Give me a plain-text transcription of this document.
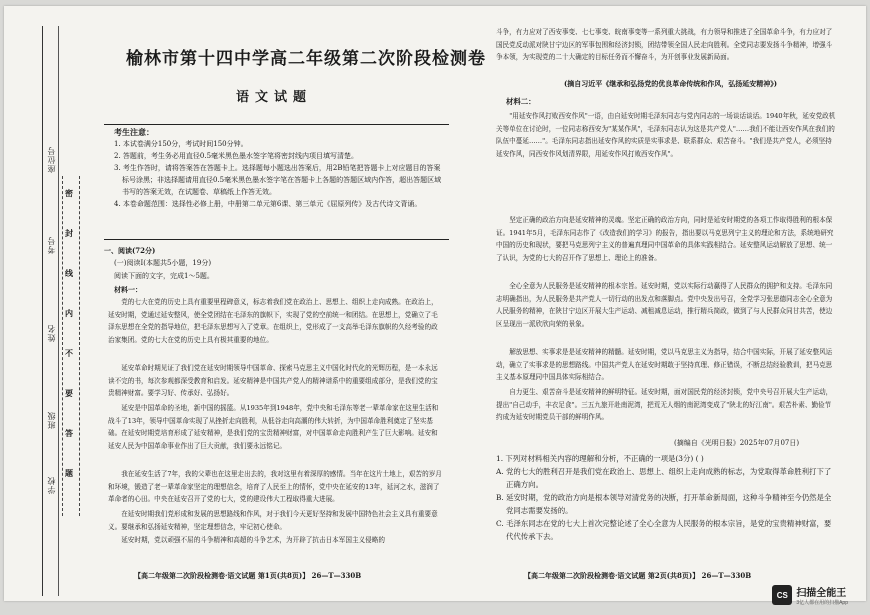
座位号
考号
姓名
班级
学校
密
封
线
内
不
要
答
题
榆林市第十四中学高二年级第二次阶段检测卷
语文试题

考生注意：

1. 本试卷满分150分，考试时间150分钟。

2. 答题前，考生务必用直径0.5毫米黑色墨水签字笔将密封线内项目填写清楚。

3. 考生作答时，请将答案答在答题卡上。选择题每小题选出答案后，用2B铅笔把答题卡上对应题目的答案标号涂黑；非选择题请用直径0.5毫米黑色墨水签字笔在答题卡上各题的答题区域内作答，超出答题区域书写的答案无效，在试题卷、草稿纸上作答无效。

4. 本卷命题范围：选择性必修上册，中册第二单元第6课、第三单元《屈原列传》及古代诗文背诵。

一、阅读(72分)
(一)阅读Ⅰ(本题共5小题，19分)
阅读下面的文字，完成1～5题。
材料一：
党的七大在党的历史上具有重要里程碑意义，标志着我们党在政治上、思想上、组织上走向成熟。在政治上，延安时期，党通过延安整风，使全党团结在毛泽东的旗帜下，实现了党的空前统一和团结。在思想上，党确立了毛泽东思想在全党的指导地位，把毛泽东思想写入了党章。在组织上，党形成了一支高举毛泽东旗帜的久经考验的政治家集团。党的七大在党的历史上具有极其重要的地位。
延安革命时期见证了我们党在延安时期领导中国革命、探索马克思主义中国化时代化的光辉历程，是一本永远读不完的书，每次参观都深受教育和启发。延安精神是中国共产党人的精神谱系中的重要组成部分，是我们党的宝贵精神财富。要学习好、传承好、弘扬好。
延安是中国革命的圣地，新中国的摇篮。从1935年到1948年，党中央和毛泽东等老一辈革命家在这里生活和战斗了13年，领导中国革命实现了从挫折走向胜利，从低谷走向高潮的伟大转折，为中国革命胜利奠定了坚实基础。在延安时期党培育形成了延安精神，是我们党的宝贵精神财富，对中国革命走向胜利产生了巨大影响。延安和延安人民为中国革命事业作出了巨大贡献，我们要永远铭记。
我在延安生活了7年，我的父辈也在这里走出去的，我对这里有着深厚的感情。当年在这片土地上，艰苦的岁月和环境，锻造了老一辈革命家坚定的理想信念，培育了人民至上的情怀，党中央在延安的13年，延河之水，滋润了革命者的心田。中央在延安召开了党的七大，党的建设伟大工程取得重大进展。
在延安时期我们党形成和发展的思想路线和作风，对于我们今天更好坚持和发展中国特色社会主义具有重要意义。要继承和弘扬延安精神，坚定理想信念，牢记初心使命。
延安时期，党以顽强不屈的斗争精神和高超的斗争艺术，为开辟了抗击日本军国主义侵略的
【高二年级第二次阶段检测卷·语文试题 第1页(共8页)】 26—T—330B
斗争，有力应对了西安事变、七七事变、皖南事变等一系列重大挑战，有力领导和推进了全国革命斗争，有力应对了国民党反动派对陕甘宁边区的军事包围和经济封锁，团结带领全国人民走向胜利。全党同志要发扬斗争精神，增强斗争本领，为实现党的二十大确定的目标任务而不懈奋斗，为开创事业发展新局面。
(摘自习近平《继承和弘扬党的优良革命传统和作风，弘扬延安精神》)
材料二：
"用延安作风打败西安作风"一语，由自延安时期毛泽东同志与党内同志的一场谈话谈话。1940年秋，延安党政机关等单位在讨论时，一位同志称西安为"某某作风"，毛泽东同志认为这是共产党人"……我们不能让西安作风在我们的队伍中蔓延……"。毛泽东同志指出延安作风的实质是实事求是、联系群众、艰苦奋斗。"我们是共产党人，必须坚持延安作风，同西安作风划清界限，用延安作风打败西安作风"。
坚定正确的政治方向是延安精神的灵魂。坚定正确的政治方向，同时是延安时期党的各项工作取得胜利的根本保证。1941年5月，毛泽东同志作了《改造我们的学习》的报告，指出要以马克思列宁主义的理论和方法，系统地研究中国的历史和现状，要把马克思列宁主义的普遍真理同中国革命的具体实践相结合。延安整风运动解放了思想、统一了认识，为党的七大的召开作了思想上、理论上的准备。
全心全意为人民服务是延安精神的根本宗旨。延安时期，党以实际行动赢得了人民群众的拥护和支持。毛泽东同志明确指出，为人民服务是共产党人一切行动的出发点和落脚点。党中央发出号召，全党学习张思德同志全心全意为人民服务的精神，在陕甘宁边区开展大生产运动、减租减息运动，推行精兵简政，做到了与人民群众同甘共苦，使边区呈现出一派欣欣向荣的景象。
解放思想、实事求是是延安精神的精髓。延安时期，党以马克思主义为指导，结合中国实际，开展了延安整风运动，确立了实事求是的思想路线。中国共产党人在延安时期敢于坚持真理、修正错误，不断总结经验教训，把马克思主义基本原理同中国具体实际相结合。
自力更生、艰苦奋斗是延安精神的鲜明特征。延安时期，面对国民党的经济封锁，党中央号召开展大生产运动，提出"自己动手，丰衣足食"。三五九旅开赴南泥湾，把荒无人烟的南泥湾变成了"陕北的好江南"。艰苦朴素、勤俭节约成为延安时期党员干部的鲜明作风。
(摘编自《光明日报》2025年07月07日)

1. 下列对材料相关内容的理解和分析，不正确的一项是(3分) ( )

A. 党的七大的胜利召开是我们党在政治上、思想上、组织上走向成熟的标志，为党取得革命胜利打下了正确方向。

B. 延安时期，党的政治方向是根本领导对清党务的决断，打开革命新局面，这种斗争精神至今仍然是全党同志需要发扬的。

C. 毛泽东同志在党的七大上首次完整论述了全心全意为人民服务的根本宗旨，是党的宝贵精神财富，要代代传承下去。

【高二年级第二次阶段检测卷·语文试题 第2页(共8页)】 26—T—330B
CS 扫描全能王
3亿人都在用的扫描App
